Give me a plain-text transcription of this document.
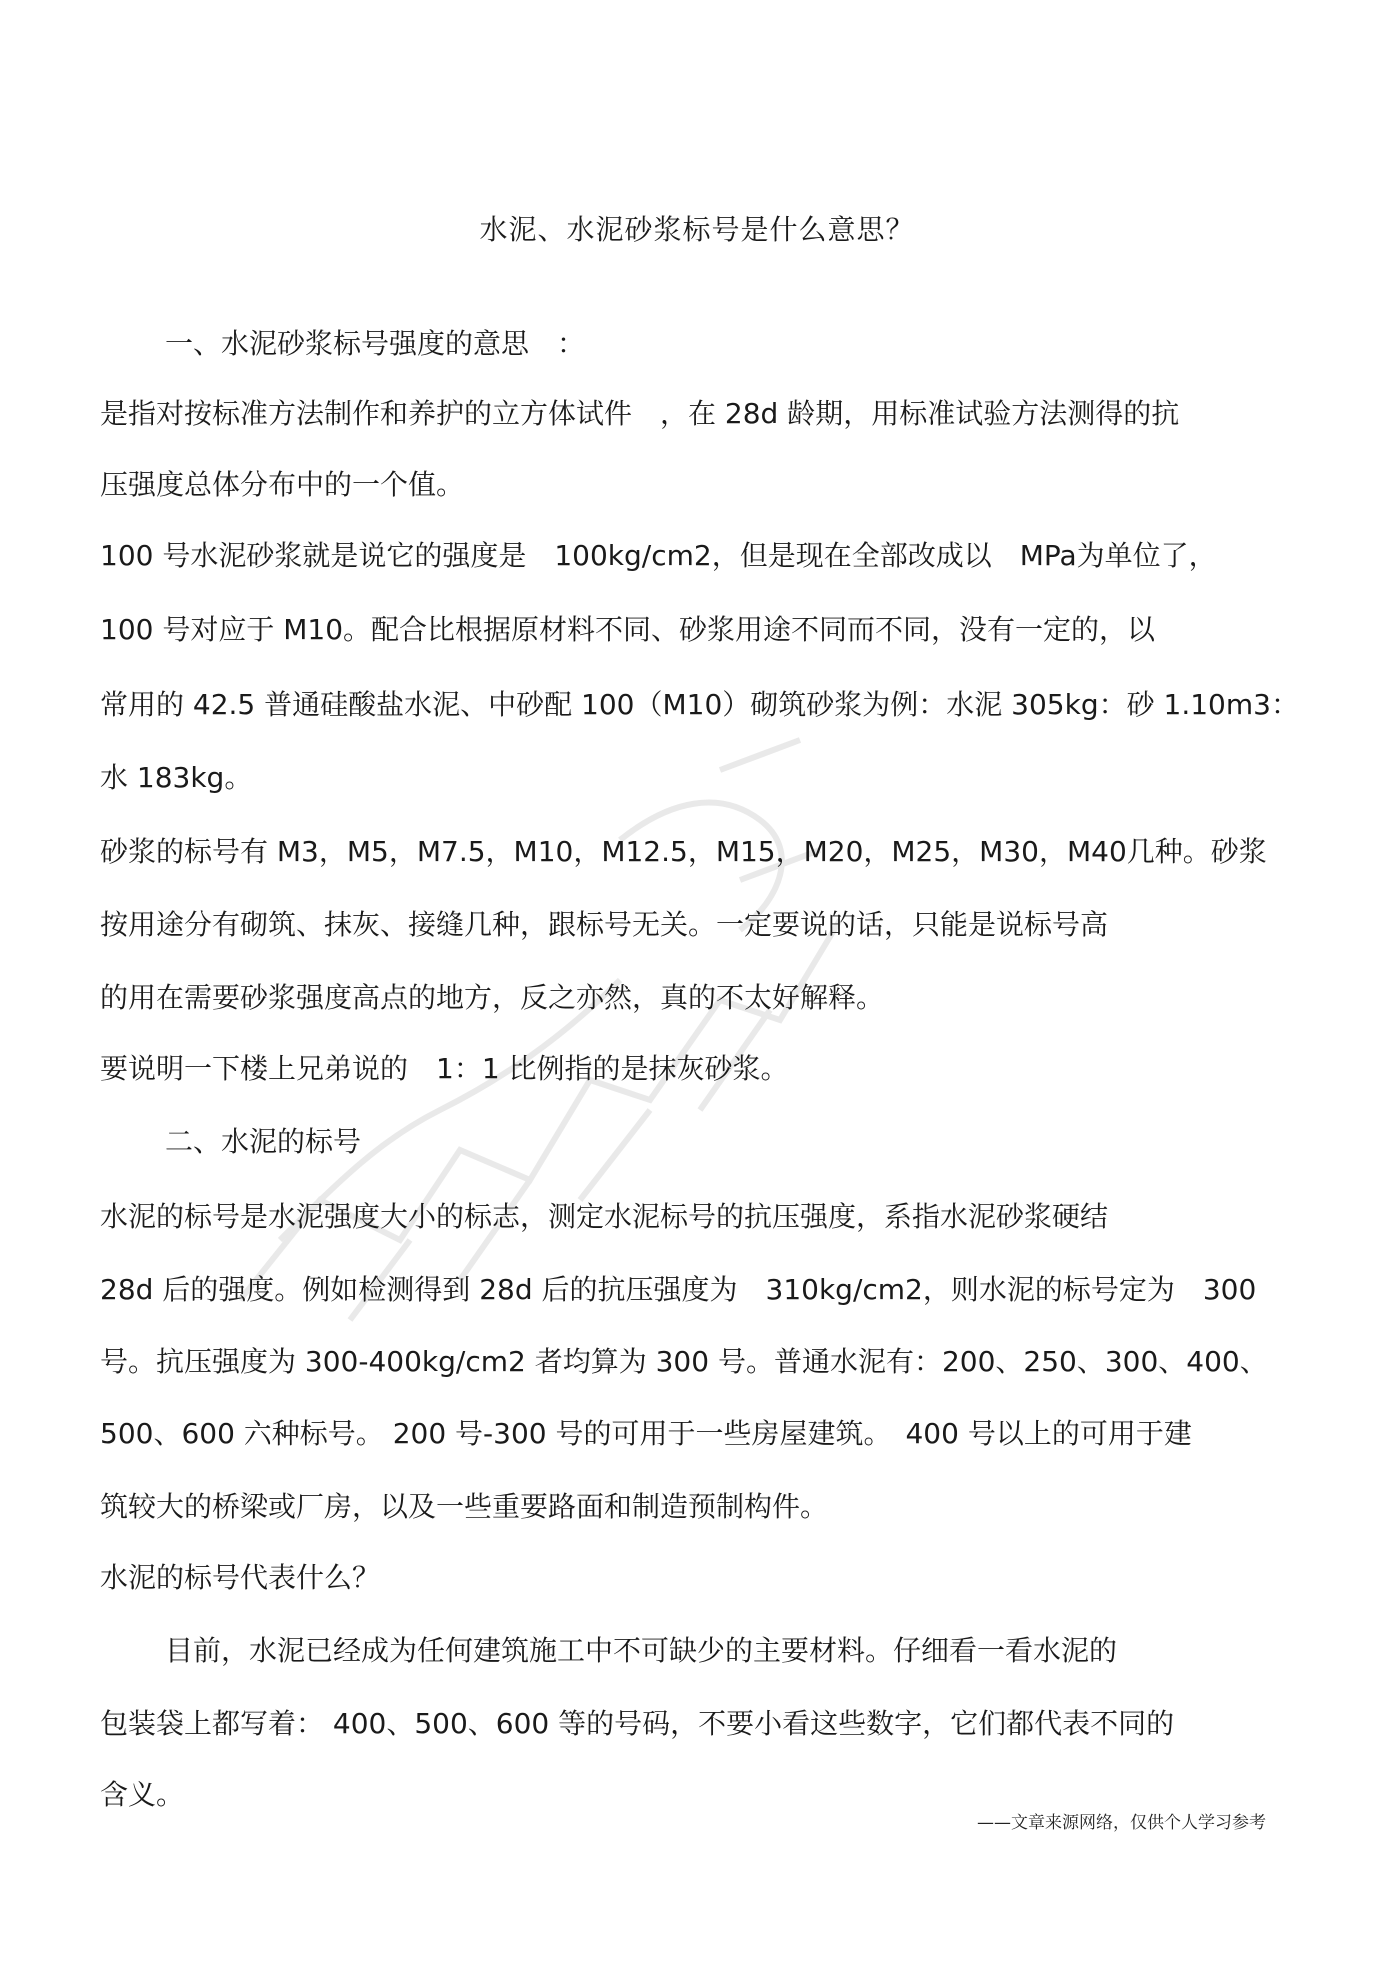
水泥、水泥砂浆标号是什么意思？
一、水泥砂浆标号强度的意思　：
是指对按标准方法制作和养护的立方体试件　，在 28d 龄期，用标准试验方法测得的抗
压强度总体分布中的一个值。
100 号水泥砂浆就是说它的强度是　100kg/cm2，但是现在全部改成以　MPa为单位了，
100 号对应于 M10。配合比根据原材料不同、砂浆用途不同而不同，没有一定的，以
常用的 42.5 普通硅酸盐水泥、中砂配 100（M10）砌筑砂浆为例：水泥 305kg：砂 1.10m3：
水 183kg。
砂浆的标号有 M3，M5，M7.5，M10，M12.5，M15，M20，M25，M30，M40几种。砂浆
按用途分有砌筑、抹灰、接缝几种，跟标号无关。一定要说的话，只能是说标号高
的用在需要砂浆强度高点的地方，反之亦然，真的不太好解释。
要说明一下楼上兄弟说的　1：1 比例指的是抹灰砂浆。
二、水泥的标号
水泥的标号是水泥强度大小的标志，测定水泥标号的抗压强度，系指水泥砂浆硬结
28d 后的强度。例如检测得到 28d 后的抗压强度为　310kg/cm2，则水泥的标号定为　300
号。抗压强度为 300-400kg/cm2 者均算为 300 号。普通水泥有：200、250、300、400、
500、600 六种标号。 200 号-300 号的可用于一些房屋建筑。　400 号以上的可用于建
筑较大的桥梁或厂房，以及一些重要路面和制造预制构件。
水泥的标号代表什么？
目前，水泥已经成为任何建筑施工中不可缺少的主要材料。仔细看一看水泥的
包装袋上都写着： 400、500、600 等的号码，不要小看这些数字，它们都代表不同的
含义。
——文章来源网络，仅供个人学习参考
